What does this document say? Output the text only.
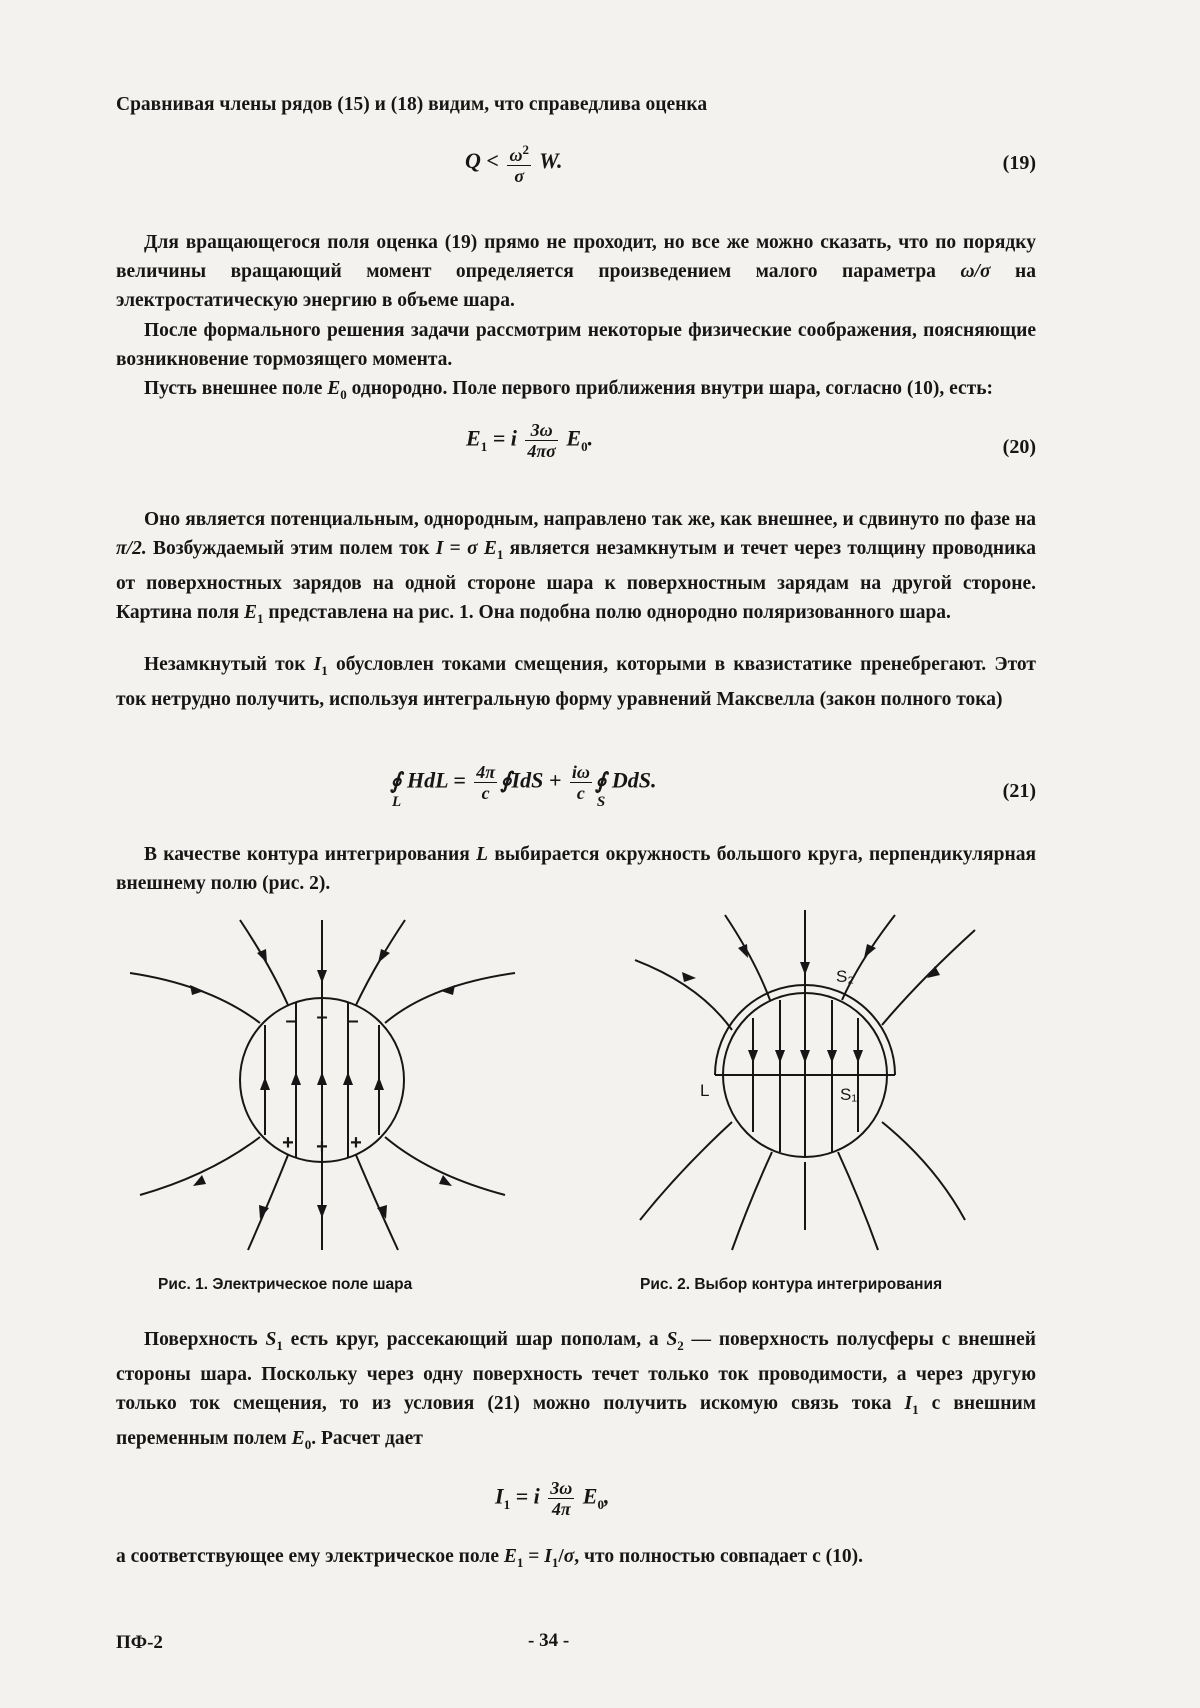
Сравнивая члены рядов (15) и (18) видим, что справедлива оценка

$Q < \frac{\omega^2}{\sigma} W$.	(19)

Для вращающегося поля оценка (19) прямо не проходит, но все же можно сказать, что по порядку величины вращающий момент определяется произведением малого параметра ω/σ на электростатическую энергию в объеме шара.

После формального решения задачи рассмотрим некоторые физические соображения, поясняющие возникновение тормозящего момента.

Пусть внешнее поле $E_0$ однородно. Поле первого приближения внутри шара, согласно (10), есть:

$E_1 = i \frac{3\omega}{4\pi\sigma} E_0$.	(20)

Оно является потенциальным, однородным, направлено так же, как внешнее, и сдвинуто по фазе на π/2. Возбуждаемый этим полем ток I = σ $E_1$ является незамкнутым и течет через толщину проводника от поверхностных зарядов на одной стороне шара к поверхностным зарядам на другой стороне. Картина поля $E_1$ представлена на рис. 1. Она подобна полю однородно поляризованного шара.

Незамкнутый ток $I_1$ обусловлен токами смещения, которыми в квазистатике пренебрегают. Этот ток нетрудно получить, используя интегральную форму уравнений Максвелла (закон полного тока)

∮
L
HdL = $\frac{4\pi}{c}$ ∮IdS + $\frac{i\omega}{c}$ ∮
S
DdS.	(21)

В качестве контура интегрирования L выбирается окружность большого круга, перпендикулярная внешнему полю (рис. 2).

– – –
+ + +
L	S₁
S₂
Рис. 1. Электрическое поле шара	Рис. 2. Выбор контура интегрирования

Поверхность $S_1$ есть круг, рассекающий шар пополам, а $S_2$ — поверхность полусферы с внешней стороны шара. Поскольку через одну поверхность течет только ток проводимости, а через другую только ток смещения, то из условия (21) можно получить искомую связь тока $I_1$ с внешним переменным полем $E_0$. Расчет дает

$I_1 = i \frac{3\omega}{4\pi} E_0$,

а соответствующее ему электрическое поле $E_1 = I_1/\sigma$, что полностью совпадает с (10).

ПФ-2	- 34 -
